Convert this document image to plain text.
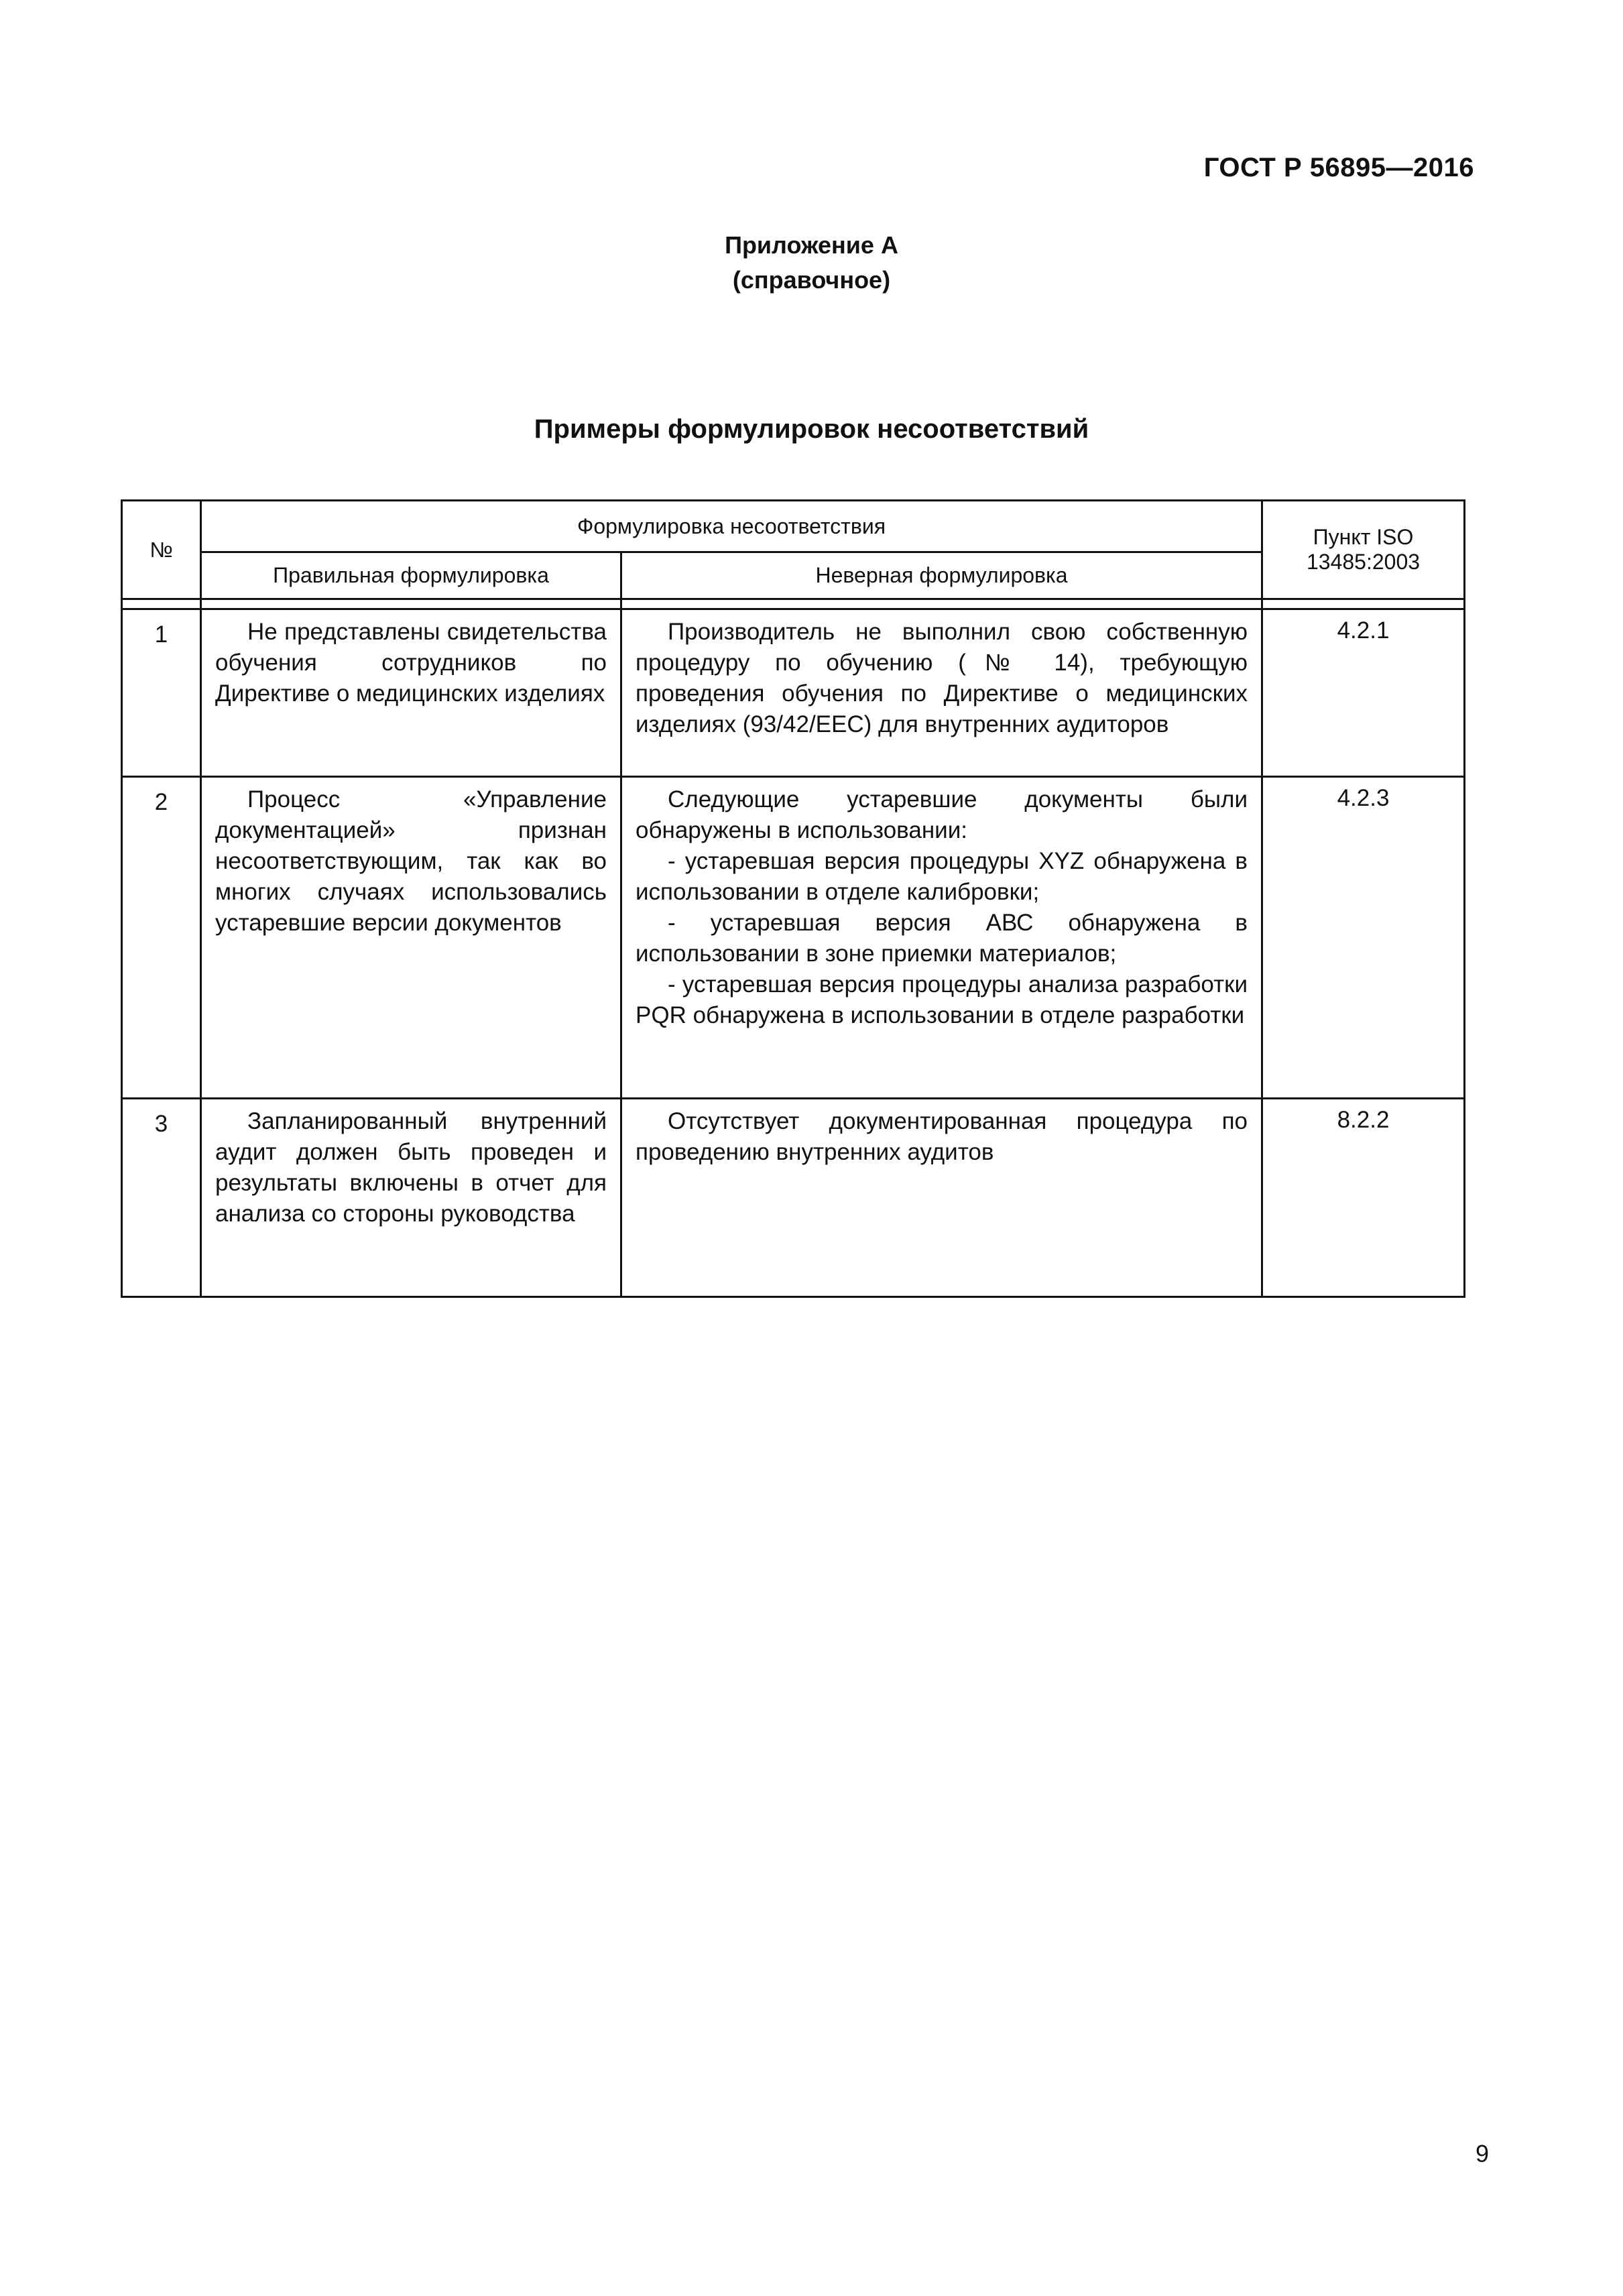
ГОСТ Р 56895—2016
Приложение А
(справочное)
Примеры формулировок несоответствий
№	Формулировка несоответствия		Пункт ISO
13485:2003

	Правильная формулировка	Неверная формулировка	

1	Не представлены свидетельства обучения сотрудников по Директиве о медицинских изделиях	Производитель не выполнил свою собственную процедуру по обучению (№ 14), требующую проведения обучения по Директиве о медицинских изделиях (93/42/EEC) для внутренних аудиторов	4.2.1
2	Процесс «Управление документацией» признан несоответствующим, так как во многих случаях использовались устаревшие версии документов	Следующие устаревшие документы были обнаружены в использовании:
- устаревшая версия процедуры XYZ обнаружена в использовании в отделе калибровки;
- устаревшая версия АВС обнаружена в использовании в зоне приемки материалов;
- устаревшая версия процедуры анализа разработки PQR обнаружена в использовании в отделе разработки	4.2.3
3	Запланированный внутренний аудит должен быть проведен и результаты включены в отчет для анализа со стороны руководства	Отсутствует документированная процедура по проведению внутренних аудитов	8.2.2
9
